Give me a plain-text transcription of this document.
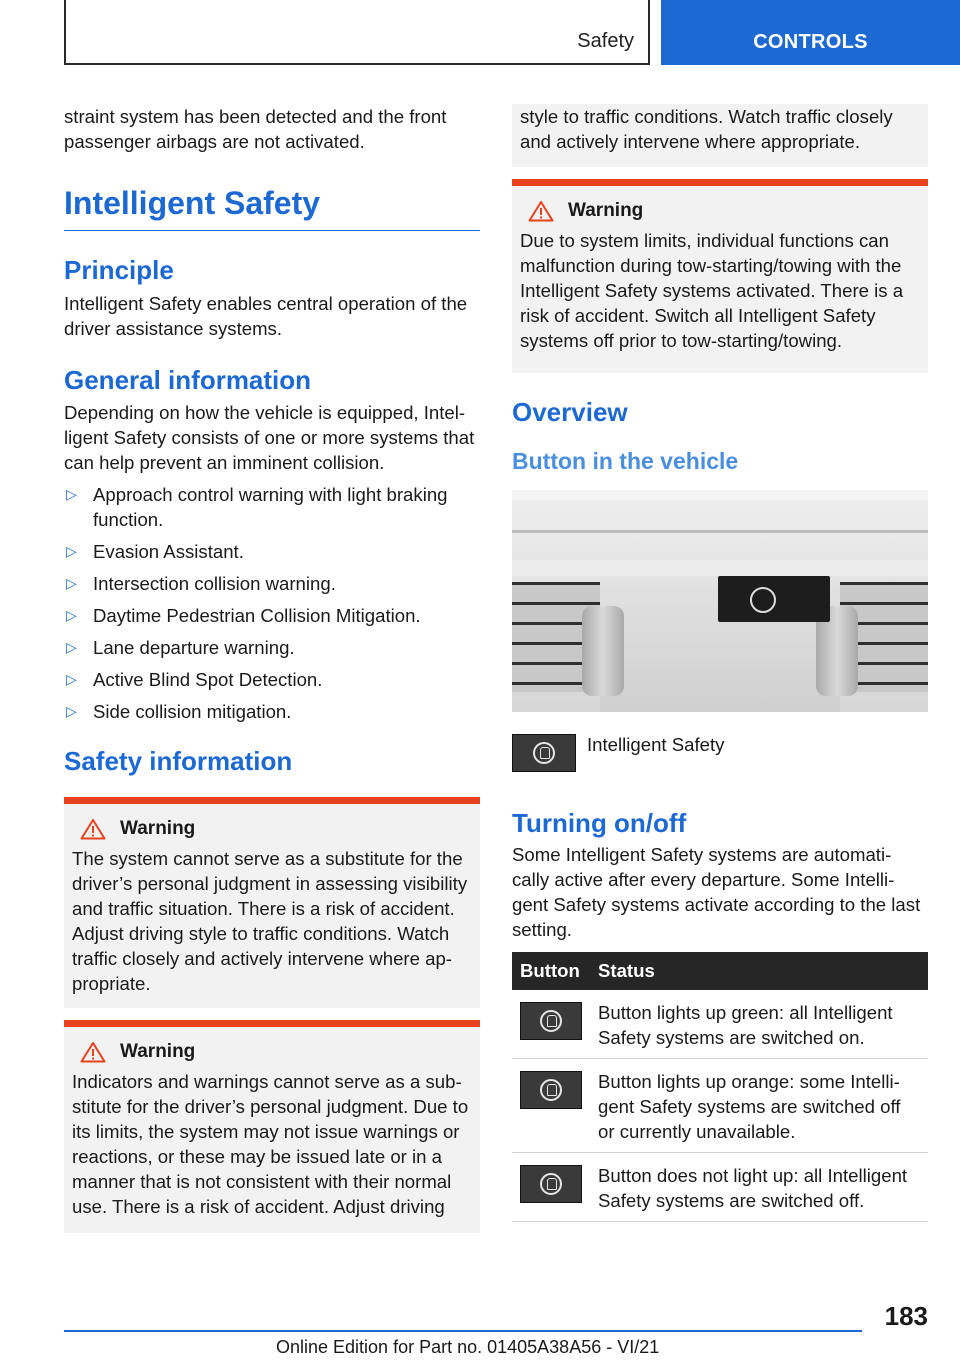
Safety	CONTROLS

straint system has been detected and the front passenger airbags are not activated.

Intelligent Safety
Principle

Intelligent Safety enables central operation of the driver assistance systems.

General information

Depending on how the vehicle is equipped, Intel-ligent Safety consists of one or more systems that can help prevent an imminent collision.

▷ Approach control warning with light braking function.
▷ Evasion Assistant.
▷ Intersection collision warning.
▷ Daytime Pedestrian Collision Mitigation.
▷ Lane departure warning.
▷ Active Blind Spot Detection.
▷ Side collision mitigation.
Safety information
Warning

The system cannot serve as a substitute for the driver’s personal judgment in assessing visibility and traffic situation. There is a risk of accident. Adjust driving style to traffic conditions. Watch traffic closely and actively intervene where ap-propriate.

Warning

Indicators and warnings cannot serve as a sub-stitute for the driver’s personal judgment. Due to its limits, the system may not issue warnings or reactions, or these may be issued late or in a manner that is not consistent with their normal use. There is a risk of accident. Adjust driving

style to traffic conditions. Watch traffic closely and actively intervene where appropriate.

Warning

Due to system limits, individual functions can malfunction during tow-starting/towing with the Intelligent Safety systems activated. There is a risk of accident. Switch all Intelligent Safety systems off prior to tow-starting/towing.

Overview
Button in the vehicle
Intelligent Safety
Turning on/off

Some Intelligent Safety systems are automati-cally active after every departure. Some Intelli-gent Safety systems activate according to the last setting.

Button	Status

	Button lights up green: all Intelligent Safety systems are switched on.

	Button lights up orange: some Intelli-gent Safety systems are switched off or currently unavailable.

	Button does not light up: all Intelligent Safety systems are switched off.
183
Online Edition for Part no. 01405A38A56 - VI/21
